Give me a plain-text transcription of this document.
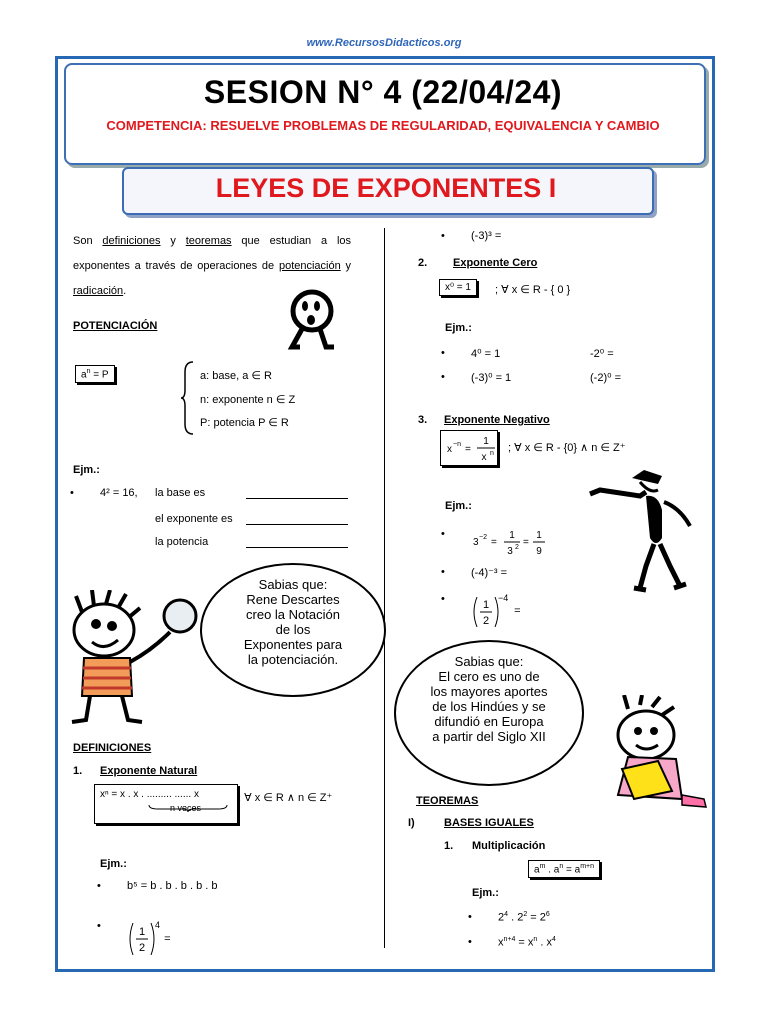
www.RecursosDidacticos.org
SESION N° 4 (22/04/24)
COMPETENCIA: RESUELVE PROBLEMAS DE REGULARIDAD, EQUIVALENCIA Y CAMBIO
LEYES DE EXPONENTES I
Son definiciones y teoremas que estudian a los exponentes a través de operaciones de potenciación y radicación.
POTENCIACIÓN
$a^n = P$	a: base, a ∈ R
n: exponente n ∈ Z
P: potencia P ∈ R
Ejm.:
• 4² = 16, la base es
el exponente es
la potencia
Sabias que:
Rene Descartes
creo la Notación
de los
Exponentes para
la potenciación.
DEFINICIONES
1. Exponente Natural
xⁿ = x . x . ......... ...... x
n veces
; ∀ x ∈ R ∧ n ∈ Z⁺
Ejm.:
• b⁵ = b . b . b . b . b
• 1
2
4
=
• (-3)³ =
2. Exponente Cero
x⁰ = 1	; ∀ x ∈ R - { 0 }
Ejm.:
• 4⁰ = 1	-2⁰ =
• (-3)⁰ = 1	(-2)⁰ =
3. Exponente Negativo
x −n =
1
x n ; ∀ x ∈ R - {0} ∧ n ∈ Z⁺
Ejm.:
• 3 −2 =
1
3 2 =
1
9
• (-4)⁻³ =
• 1
2
−4
=
Sabias que:
El cero es uno de
los mayores aportes
de los Hindúes y se
difundió en Europa
a partir del Siglo XII
TEOREMAS
I)	BASES IGUALES
1. Multiplicación
$a^m$ . $a^n = a^{m+n}$
Ejm.:
• $2^4$ . $2^2 = 2^6$
• $x^{n+4} = x^n$ . $x^4$
